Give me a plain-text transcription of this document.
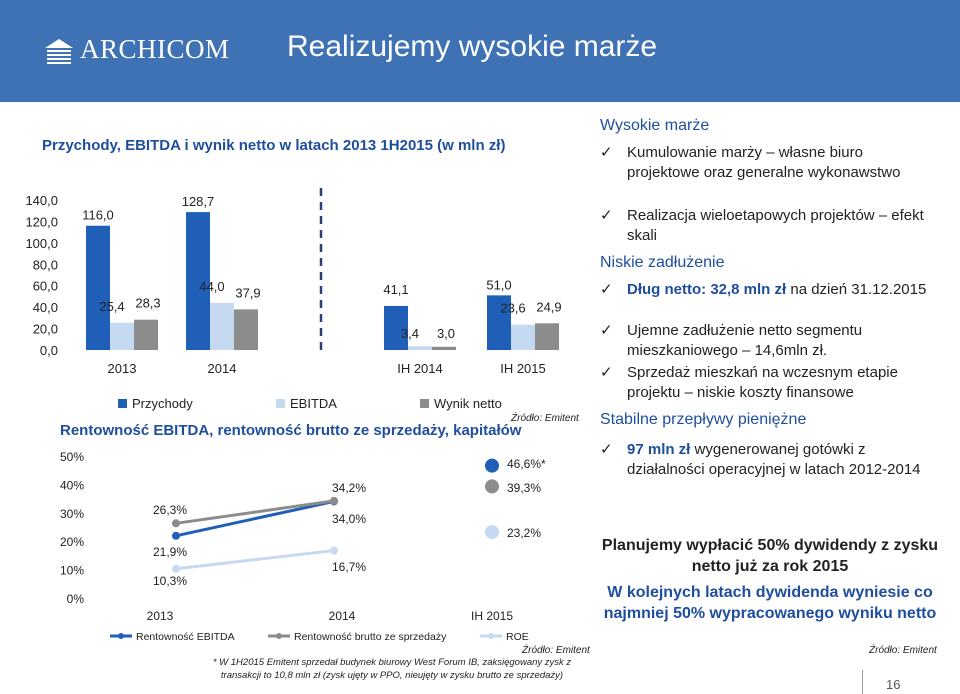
ARCHICOM Realizujemy wysokie marże
Przychody, EBITDA i wynik netto w latach 2013 1H2015 (w mln zł)
Rentowność EBITDA, rentowność brutto ze sprzedaży, kapitałów
0,0
20,0
40,0
60,0
80,0
100,0
120,0
140,0
116,0
128,7
41,1	51,0
25,4
44,0
3,4
23,6
28,3
37,9
3,0
24,9
2013	2014	IH 2014	IH 2015
Przychody	EBITDA	Wynik netto
0%
10%
20%
30%
40%
50%
21,9%
34,0%
46,6%*
26,3%
34,2%	39,3%
10,3%
16,7%
23,2%
2013	2014	IH 2015
Rentowność EBITDA	Rentowność brutto ze sprzedaży	ROE
Źródło: Emitent
Źródło: Emitent
* W 1H2015 Emitent sprzedał budynek biurowy West Forum IB, zaksięgowany zysk z transakcji to 10,8 mln zł (zysk ujęty w PPO, nieujęty w zysku brutto ze sprzedaży)
Wysokie marże
✓ Kumulowanie marży – własne biuro projektowe oraz generalne wykonawstwo
✓ Realizacja wieloetapowych projektów – efekt skali
Niskie zadłużenie
✓ Dług netto: 32,8 mln zł na dzień 31.12.2015
✓ Ujemne zadłużenie netto segmentu mieszkaniowego – 14,6mln zł.
✓ Sprzedaż mieszkań na wczesnym etapie projektu – niskie koszty finansowe
Stabilne przepływy pieniężne
✓ 97 mln zł wygenerowanej gotówki z działalności operacyjnej w latach 2012-2014
Planujemy wypłacić 50% dywidendy z zysku netto już za rok 2015
W kolejnych latach dywidenda wyniesie co najmniej 50% wypracowanego wyniku netto
Źródło: Emitent
16
